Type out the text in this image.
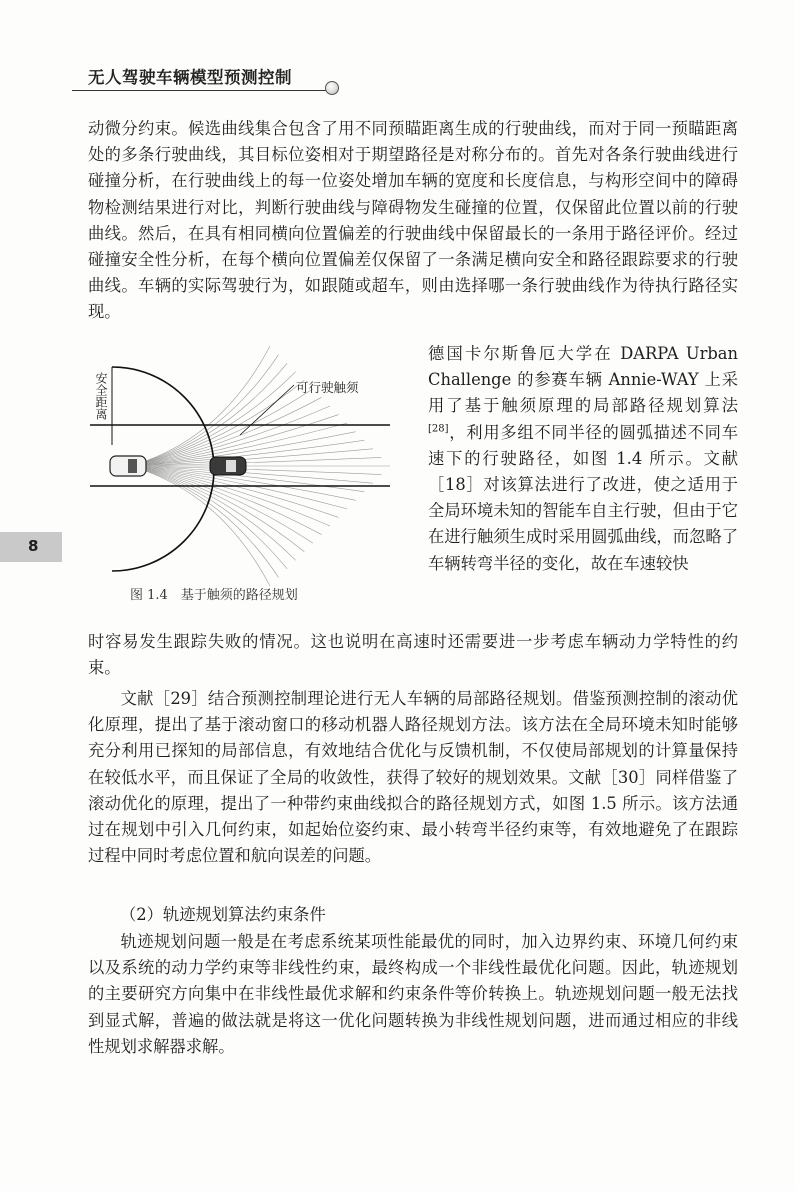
无人驾驶车辆模型预测控制
8
动微分约束。候选曲线集合包含了用不同预瞄距离生成的行驶曲线，而对于同一预瞄距离处的多条行驶曲线，其目标位姿相对于期望路径是对称分布的。首先对各条行驶曲线进行碰撞分析，在行驶曲线上的每一位姿处增加车辆的宽度和长度信息，与构形空间中的障碍物检测结果进行对比，判断行驶曲线与障碍物发生碰撞的位置，仅保留此位置以前的行驶曲线。然后，在具有相同横向位置偏差的行驶曲线中保留最长的一条用于路径评价。经过碰撞安全性分析，在每个横向位置偏差仅保留了一条满足横向安全和路径跟踪要求的行驶曲线。车辆的实际驾驶行为，如跟随或超车，则由选择哪一条行驶曲线作为待执行路径实现。
德国卡尔斯鲁厄大学在 DARPA Urban Challenge 的参赛车辆 Annie-WAY 上采用了基于触须原理的局部路径规划算法[28]，利用多组不同半径的圆弧描述不同车速下的行驶路径，如图 1.4 所示。文献［18］对该算法进行了改进，使之适用于全局环境未知的智能车自主行驶，但由于它在进行触须生成时采用圆弧曲线，而忽略了车辆转弯半径的变化，故在车速较快
可行驶触须
安全距离
图 1.4　基于触须的路径规划
时容易发生跟踪失败的情况。这也说明在高速时还需要进一步考虑车辆动力学特性的约束。
文献［29］结合预测控制理论进行无人车辆的局部路径规划。借鉴预测控制的滚动优化原理，提出了基于滚动窗口的移动机器人路径规划方法。该方法在全局环境未知时能够充分利用已探知的局部信息，有效地结合优化与反馈机制，不仅使局部规划的计算量保持在较低水平，而且保证了全局的收敛性，获得了较好的规划效果。文献［30］同样借鉴了滚动优化的原理，提出了一种带约束曲线拟合的路径规划方式，如图 1.5 所示。该方法通过在规划中引入几何约束，如起始位姿约束、最小转弯半径约束等，有效地避免了在跟踪过程中同时考虑位置和航向误差的问题。
（2）轨迹规划算法约束条件
轨迹规划问题一般是在考虑系统某项性能最优的同时，加入边界约束、环境几何约束以及系统的动力学约束等非线性约束，最终构成一个非线性最优化问题。因此，轨迹规划的主要研究方向集中在非线性最优求解和约束条件等价转换上。轨迹规划问题一般无法找到显式解，普遍的做法就是将这一优化问题转换为非线性规划问题，进而通过相应的非线性规划求解器求解。
